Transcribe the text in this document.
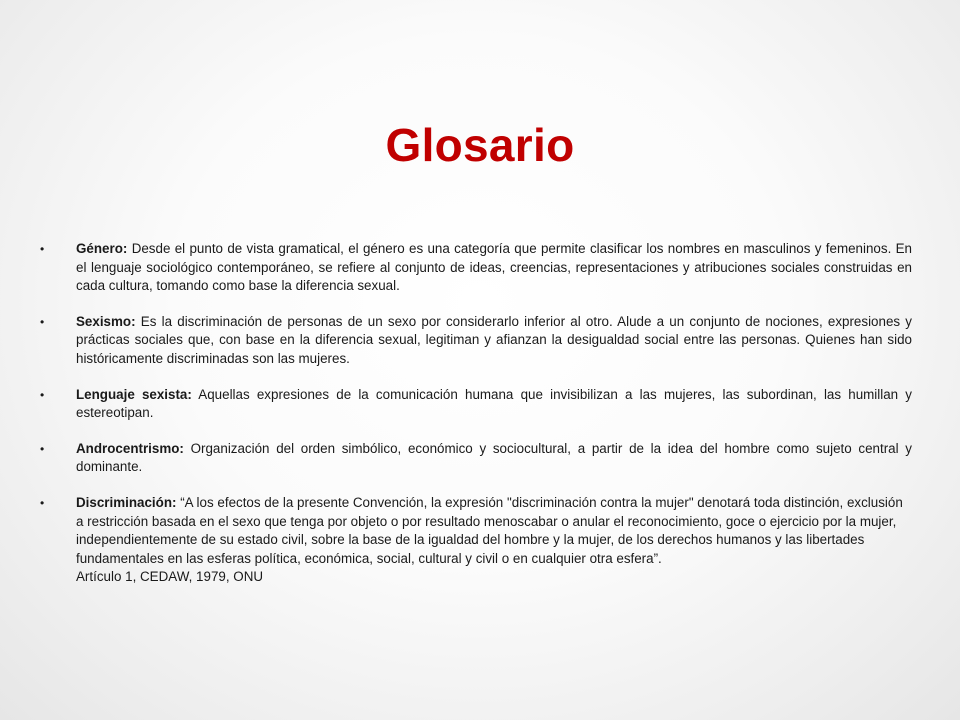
Glosario
• Género: Desde el punto de vista gramatical, el género es una categoría que permite clasificar los nombres en masculinos y femeninos. En el lenguaje sociológico contemporáneo, se refiere al conjunto de ideas, creencias, representaciones y atribuciones sociales construidas en cada cultura, tomando como base la diferencia sexual.
• Sexismo: Es la discriminación de personas de un sexo por considerarlo inferior al otro. Alude a un conjunto de nociones, expresiones y prácticas sociales que, con base en la diferencia sexual, legitiman y afianzan la desigualdad social entre las personas. Quienes han sido históricamente discriminadas son las mujeres.
• Lenguaje sexista: Aquellas expresiones de la comunicación humana que invisibilizan a las mujeres, las subordinan, las humillan y estereotipan.
• Androcentrismo: Organización del orden simbólico, económico y sociocultural, a partir de la idea del hombre como sujeto central y dominante.
• Discriminación: “A los efectos de la presente Convención, la expresión "discriminación contra la mujer" denotará toda distinción, exclusión a restricción basada en el sexo que tenga por objeto o por resultado menoscabar o anular el reconocimiento, goce o ejercicio por la mujer, independientemente de su estado civil, sobre la base de la igualdad del hombre y la mujer, de los derechos humanos y las libertades fundamentales en las esferas política, económica, social, cultural y civil o en cualquier otra esfera”.
Artículo 1, CEDAW, 1979, ONU
